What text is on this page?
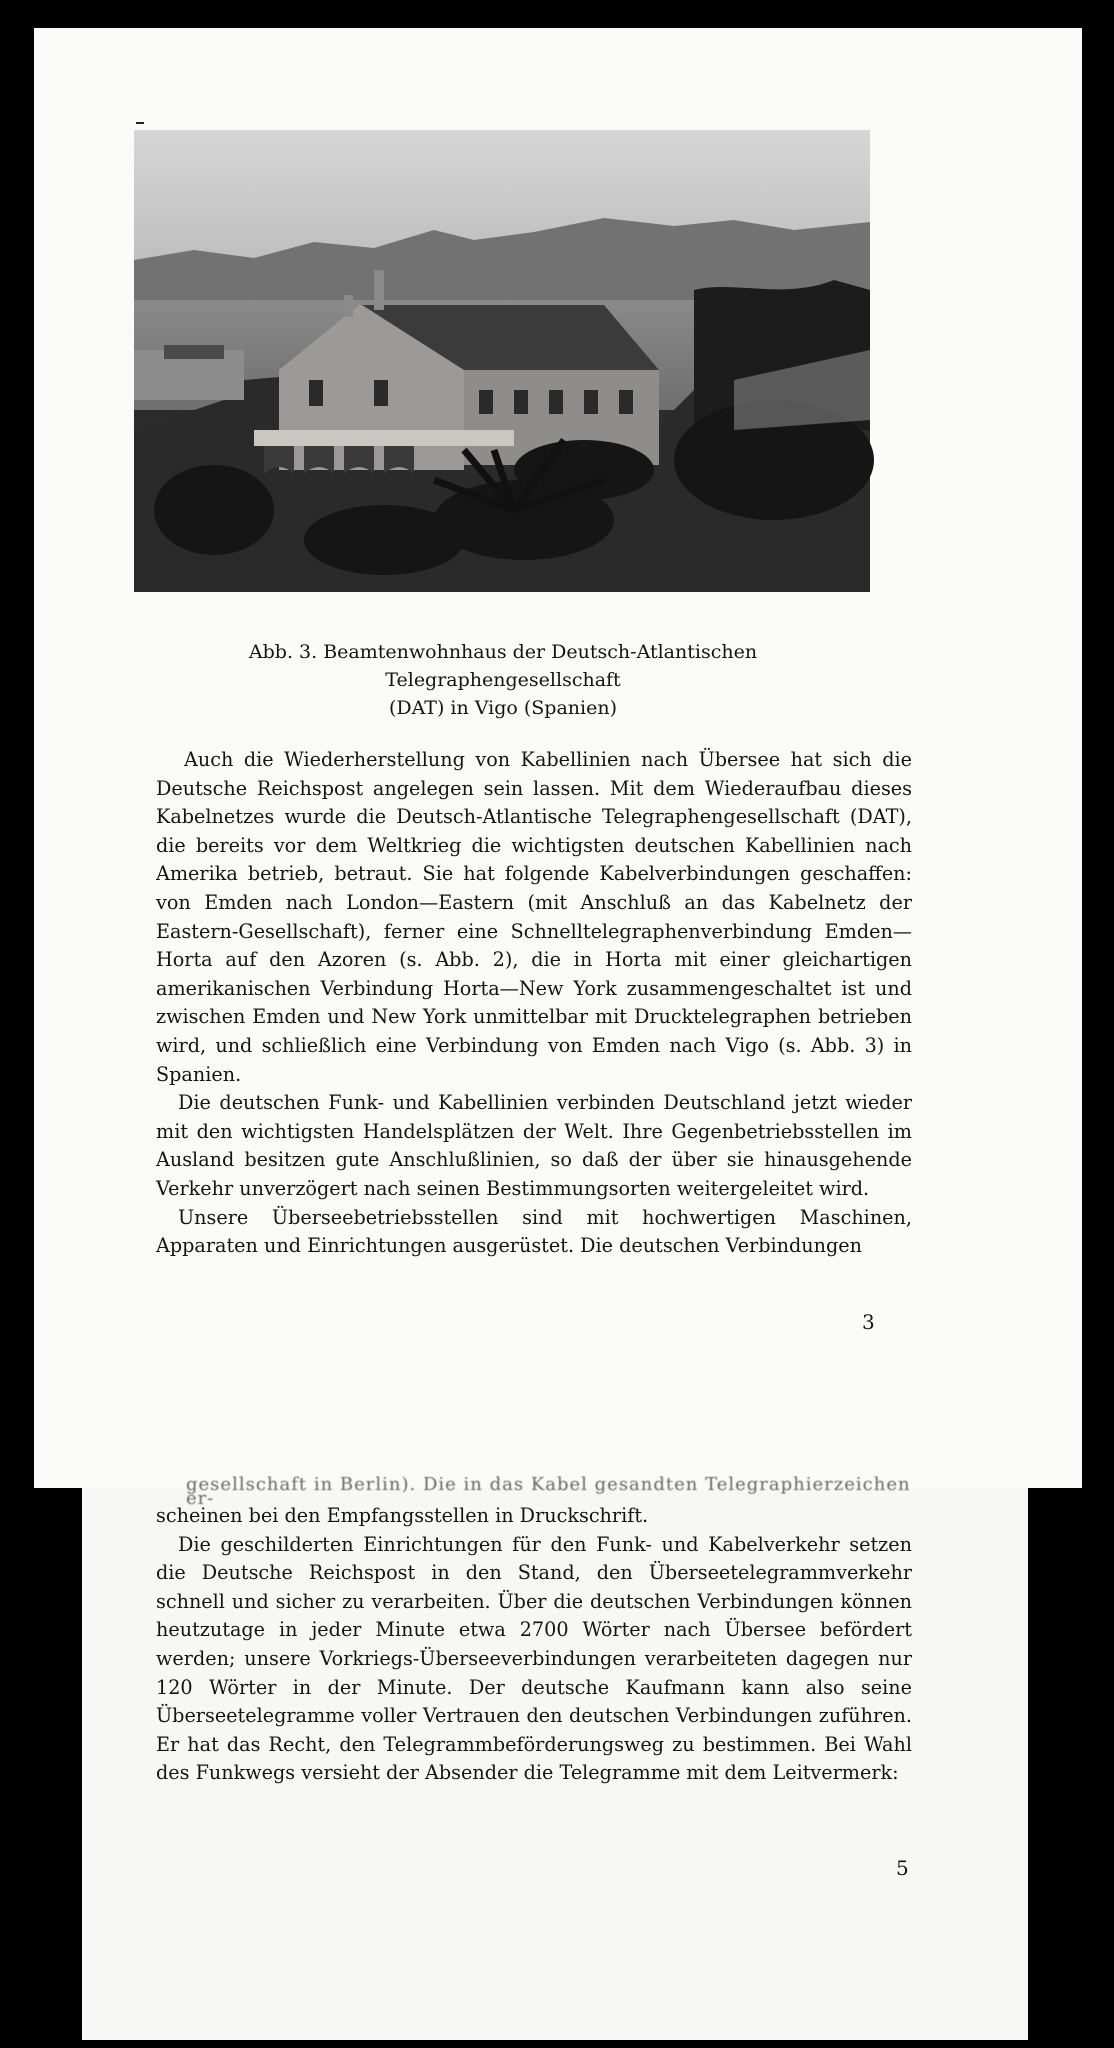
Abb. 3. Beamtenwohnhaus der Deutsch-Atlantischen Telegraphengesellschaft
(DAT) in Vigo (Spanien)

Auch die Wiederherstellung von Kabellinien nach Übersee hat sich die Deutsche Reichspost angelegen sein lassen. Mit dem Wiederaufbau dieses Kabelnetzes wurde die Deutsch-Atlantische Telegraphengesellschaft (DAT), die bereits vor dem Weltkrieg die wichtigsten deutschen Kabellinien nach Amerika betrieb, betraut. Sie hat folgende Kabelverbindungen geschaffen: von Emden nach London—Eastern (mit Anschluß an das Kabelnetz der Eastern-Gesellschaft), ferner eine Schnelltelegraphenverbindung Emden—Horta auf den Azoren (s. Abb. 2), die in Horta mit einer gleichartigen amerikanischen Verbindung Horta—New York zusammengeschaltet ist und zwischen Emden und New York unmittelbar mit Drucktelegraphen betrieben wird, und schließlich eine Verbindung von Emden nach Vigo (s. Abb. 3) in Spanien.

Die deutschen Funk- und Kabellinien verbinden Deutschland jetzt wieder mit den wichtigsten Handelsplätzen der Welt. Ihre Gegenbetriebsstellen im Ausland besitzen gute Anschlußlinien, so daß der über sie hinausgehende Verkehr unverzögert nach seinen Bestimmungsorten weitergeleitet wird.

Unsere Überseebetriebsstellen sind mit hochwertigen Maschinen, Apparaten und Einrichtungen ausgerüstet. Die deutschen Verbindungen

3
gesellschaft in Berlin). Die in das Kabel gesandten Telegraphierzeichen er-

scheinen bei den Empfangsstellen in Druckschrift.

Die geschilderten Einrichtungen für den Funk- und Kabelverkehr setzen die Deutsche Reichspost in den Stand, den Überseetelegrammverkehr schnell und sicher zu verarbeiten. Über die deutschen Verbindungen können heutzutage in jeder Minute etwa 2700 Wörter nach Übersee befördert werden; unsere Vorkriegs-Überseeverbindungen verarbeiteten dagegen nur 120 Wörter in der Minute. Der deutsche Kaufmann kann also seine Überseetelegramme voller Vertrauen den deutschen Verbindungen zuführen. Er hat das Recht, den Telegrammbeförderungsweg zu bestimmen. Bei Wahl des Funkwegs versieht der Absender die Telegramme mit dem Leitvermerk:

5
